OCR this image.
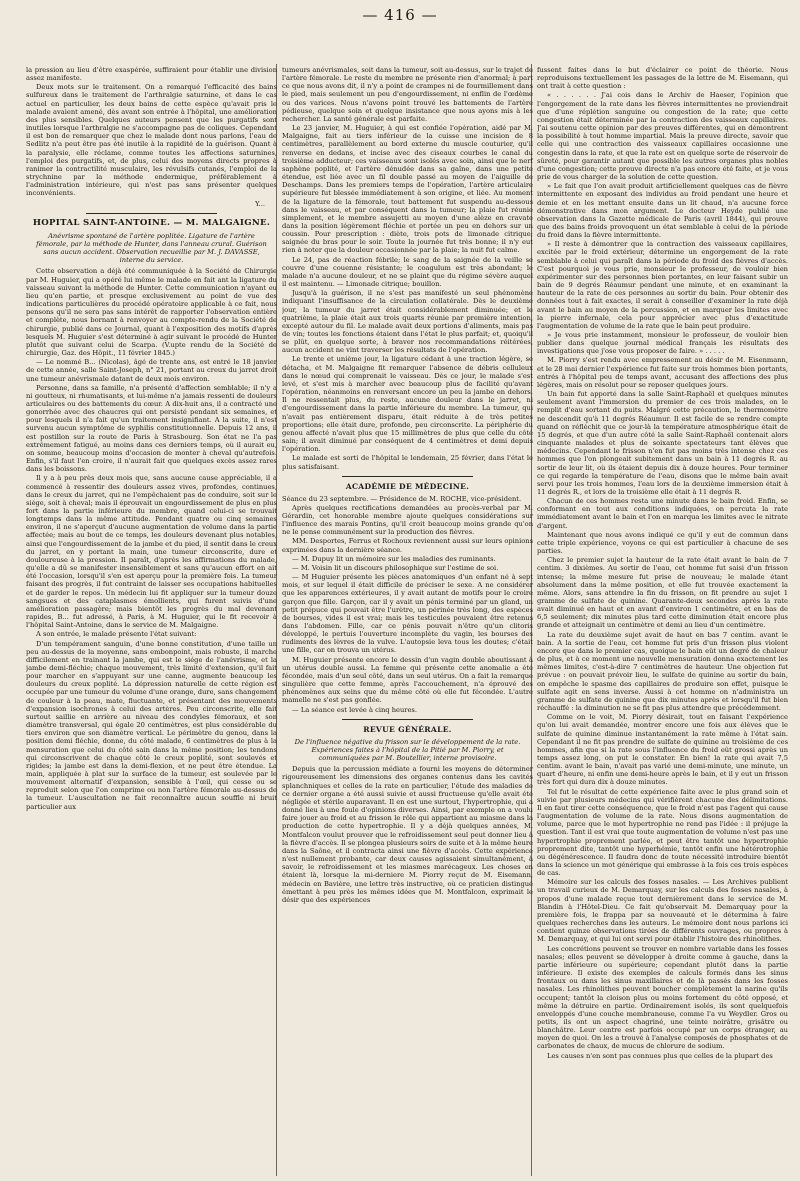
— 416 —

la pression au lieu d'être exaspérée, suffiraient pour établir une division assez manifeste.

Deux mots sur le traitement. On a remarqué l'efficacité des bains sulfureux dans le traitement de l'arthralgie saturnine, et dans le cas actuel en particulier, les deux bains de cette espèce qu'avait pris le malade avaient amené, dès avant son entrée à l'hôpital, une amélioration des plus sensibles. Quelques auteurs pensent que les purgatifs sont inutiles lorsque l'arthralgie ne s'accompagne pas de coliques. Cependant il est bon de remarquer que chez le malade dont nous parlons, l'eau de Sedlitz n'a peut être pas été inutile à la rapidité de la guérison. Quant à la paralysie, elle réclame, comme toutes les affections saturnines, l'emploi des purgatifs, et, de plus, celui des moyens directs propres à ranimer la contractilité musculaire, les révulsifs cutanés, l'emploi de la strychnine par la méthode endermique, préférablement à l'administration intérieure, qui n'est pas sans présenter quelques inconvénients.

Y...
HOPITAL SAINT-ANTOINE. — M. MALGAIGNE.
Anévrisme spontané de l'artère poplitée. Ligature de l'artère fémorale, par la méthode de Hunter, dans l'anneau crural. Guérison sans aucun accident. Observation recueillie par M. J. DAVASSE, interne du service.

Cette observation a déjà été communiquée à la Société de Chirurgie par M. Huguier, qui a opéré lui même le malade en fait ant la ligature du vaisseau suivant la méthode de Hunter. Cette communication n'ayant eu lieu qu'en partie, et presque exclusivement au point de vue des indications particulières du procédé opératoire applicable à ce fait, nous pensons qu'il ne sera pas sans intérêt de rapporter l'observation entière et complète, nous bornant à renvoyer au compte-rendu de la Société de chirurgie, publié dans ce Journal, quant à l'exposition des motifs d'après lesquels M. Huguier s'est déterminé à agir suivant le procédé de Hunter plutôt que suivant celui de Scarpa. (V.upte rendu de la Société de chirurgie, Gaz. des Hôpit., 11 février 1845.)

— Le nommé B... (Nicolas), âgé de trente ans, est entré le 18 janvier de cette année, salle Saint-Joseph, n° 21, portant au creux du jarret droit une tumeur anévrismale datant de deux mois environ.

Personne, dans sa famille, n'a présenté d'affection semblable; il n'y a ni goutteux, ni rhumatisants, et lui-même n'a jamais ressenti de douleurs articulaires ou des battements du cœur. A dix-huit ans, il a contracté une gonorrhée avec des chaucres qui ont persisté pendant six semaines, et pour lesquels il n'a fait qu'un traitement insignifiant. A la suite, il n'est survenu aucun symptôme de syphilis constitutionnelle. Depuis 12 ans, il est postillon sur la route de Paris à Strasbourg. Son état ne l'a pas extrêmement fatigué, au moins dans ces derniers temps, où il aurait eu, on somme, beaucoup moins d'occasion de monter à cheval qu'autrefois. Enfin, s'il faut l'en croire, il n'aurait fait que quelques excès assez rares dans les boissons.

Il y a à peu près deux mois que, sans aucune cause appréciable, il a commencé à ressentir des douleurs assez vives, profondes, continues, dans le creux du jarret, qui ne l'empêchaient pas de conduire, soit sur le siége, soit à cheval; mais il éprouvait un engourdissement de plus en plus fort dans la partie inférieure du membre, quand celui-ci se trouvait longtemps dans la même attitude. Pendant quatre ou cinq semaines environ, il ne s'aperçut d'aucune augmentation de volume dans la partie affectée; mais au bout de ce temps, les douleurs devenant plus notables, ainsi que l'engourdissement de la jambe et du pied, il sentit dans le creux du jarret, en y portant la main, une tumeur circonscrite, dure et douloureuse à la pression. Il paraît, d'après les affirmations du malade, qu'elle a dû se manifester insensiblement et sans qu'aucun effort en ait été l'occasion, lorsqu'il s'en est aperçu pour la première fois. La tumeur faisant des progrès, il fut contraint de laisser ses occupations habituelles et de garder le repos. Un médecin lui fit appliquer sur la tumeur douze sangsues et des cataplasmes émollients, qui furent suivis d'une amélioration passagère; mais bientôt les progrès du mal devenant rapides, B... fut adressé, à Paris, à M. Huguier, qui le fit recevoir à l'hôpital Saint-Antoine, dans le service de M. Malgaigne.

A son entrée, le malade présente l'état suivant:

D'un tempérament sanguin, d'une bonne constitution, d'une taille un peu au-dessus de la moyenne, sans embonpoint, mais robuste, il marche difficilement en trainant la jambe, qui est le siége de l'anévrisme, et la jambe demi-fléchie; chaque mouvement, très limité d'extension, qu'il fait pour marcher en s'appuyant sur une canne, augmente beaucoup les douleurs du creux poplité. La dépression naturelle de cette région est occupée par une tumeur du volume d'une orange, dure, sans changement de couleur à la peau, mate, fluctuante, et présentant des mouvements d'expansion isochrones à celui des artères. Peu circonscrite, elle fait surtout saillie en arrière au niveau des condyles fémoraux, et son diamètre transversal, qui égale 20 centimètres, est plus considérable du tiers environ que son diamètre vertical. Le périmètre du genou, dans la position demi fléchie, donne, du côté malade, 6 centimètres de plus à la mensuration que celui du côté sain dans la même position; les tendons qui circonscrivent de chaque côté le creux poplité, sont soulevés et rigides; la jambe est dans la demi-flexion, et ne peut être étendue. La main, appliquée à plat sur la surface de la tumeur, est soulevée par le mouvement alternatif d'expansion, sensible à l'œil, qui cesse ou se reproduit selon que l'on comprime ou non l'artère fémorale au-dessus de la tumeur. L'auscultation ne fait reconnaître aucun souffle ni bruit particulier aux

tumeurs anévrismales, soit dans la tumeur, soit au-dessus, sur le trajet de l'artère fémorale. Le reste du membre ne présente rien d'anormal; à part ce que nous avons dit, il n'y a point de crampes ni de fourmillement dans le pied, mais seulement un peu d'engourdissement, ni enflin de l'œdème ou des varices. Nous n'avons point trouvé les battements de l'artère pédieuse, quelque soin et quelque insistance que nous ayons mis à les rechercher. La santé générale est parfaite.

Le 23 janvier, M. Huguier, à qui est confiée l'opération, aidé par M. Malgaigne, fait au tiers inférieur de la cuisse une incision de 8 centimètres, parallèlement au bord externe du muscle couturier, qu'il renverse en dedans, et incise avec des ciseaux courbes le canal du troisième adducteur; ces vaisseaux sont isolés avec soin, ainsi que le nerf saphène poplité, et l'artère dénudée dans sa gaîne, dans une petite étendue, est liée avec un fil double passé au moyen de l'aiguille de Deschamps. Dans les premiers temps de l'opération, l'artère articulaire supérieure fut blessée immédiatement à son origine, et liée. Au moment de la ligature de la fémorale, tout battement fut suspendu au-dessous dans le vaisseau, et par conséquent dans la tumeur; la plaie fut réunie simplement, et le membre assujetti au moyen d'une alèze en cravate dans la position légèrement fléchie et portée un peu en dehors sur un coussin. Pour prescription : diète, trois pots de limonade citrique; saignée du bras pour le soir. Toute la journée fut très bonne; il n'y eut rien à noter que la douleur occasionnée par la plaie; la nuit fut calme.

Le 24, pas de réaction fébrile; le sang de la saignée de la veille se couvre d'une couenne résistante; le coagulum est très abondant; le malade n'a aucune douleur, et ne se plaint que du régime sévère auquel il est maintenu. — Limonade citrique; bouillon.

Jusqu'à la guérison, il ne s'est pas manifesté un seul phénomène indiquant l'insuffisance de la circulation collatérale. Dès le deuxième jour, la tumeur du jarret était considérablement diminuée; et le quatrième, la plaie était aux trois quarts réunie par première intention, excepté autour du fil. Le malade avait deux portions d'aliments, mais pas de vin; toutes les fonctions étaient dans l'état le plus parfait; et, quoiqu'il se plût, en quelque sorte, à braver nos recommandations réitérées, aucun accident ne vint traverser les résultats de l'opération.

Le trente et unième jour, la ligature cédant à une traction légère, se détacha, et M. Malgaigne fit remarquer l'absence de débris celluleux dans le nœud qui comprenait le vaisseau. Dès ce jour, le malade s'est levé, et s'est mis à marcher avec beaucoup plus de facilité qu'avant l'opération, néanmoins en renversant encore un peu la jambe en dehors. Il ne ressentait plus, du reste, aucune douleur dans le jarret, ni d'engourdissement dans la partie inférieure du membre. La tumeur, qui n'avait pas entièrement disparu, était réduite à de très petites proportions; elle était dure, profonde, peu circonscrite. La périphérie du genou affecté n'avait plus que 15 millimètres de plus que celle du côté sain; il avait diminué par conséquent de 4 centimètres et demi depuis l'opération.

Le malade est sorti de l'hôpital le lendemain, 25 février, dans l'état le plus satisfaisant.

ACADÉMIE DE MÉDECINE.

Séance du 23 septembre. — Présidence de M. ROCHE, vice-président.

Après quelques rectifications demandées au procès-verbal par M. Gérardin, cet honorable membre ajoute quelques considérations sur l'influence des marais Pontins, qu'il croit beaucoup moins grande qu'on ne le pense communément sur la production des fièvres.

MM. Desportes, Ferrus et Rochoux reviennent aussi sur leurs opinions exprimées dans la dernière séance.

— M. Dupuy lit un mémoire sur les maladies des ruminants.

— M. Voisin lit un discours philosophique sur l'estime de soi.

— M Huguier présente les pièces anatomiques d'un enfant né à sept mois, et sur lequel il était difficile de préciser le sexe. A ne considérer que les apparences extérieures, il y avait autant de motifs pour le croire garçon que fille. Garçon, car il y avait un pénis terminé par un gland, un petit prépuce qui pouvait être l'urètre, un périnée très long, des espèces de bourses, vides il est vrai; mais les testicules pouvaient être retenus dans l'abdomen. Fille, car ce pénis pouvait n'être qu'un clitoris développé, le pertuis l'ouverture incomplète du vagin, les bourses des rudiments des lèvres de la vulve. L'autopsie leva tous les doutes; c'était une fille, car on trouva un utérus.

M. Huguier présente encore le dessin d'un vagin double aboutissant à un utérus double aussi. La femme qui présente cette anomalie a été fécondée, mais d'un seul côté, dans un seul utérus. On a fait la remarque singulière que cette femme, après l'accouchement, n'a éprouvé des phénomènes aux seins que du même côté où elle fut fécondée. L'autre mamelle ne s'est pas gonflée.

— La séance est levée à cinq heures.

REVUE GÉNÉRALE.
De l'influence négative du frisson sur le développement de la rate. Expériences faites à l'hôpital de la Pitié par M. Piorry, et communiquées par M. Boutellier, interne provisoire.

Depuis que la percussion médiate a fourni les moyens de déterminer rigoureusement les dimensions des organes contenus dans les cavités splanchniques et celles de la rate en particulier, l'étude des maladies de ce dernier organe a été aussi suivie et aussi fructueuse qu'elle avait été négligée et stérile auparavant. Il en est une surtout, l'hypertrophie, qui a donné lieu à une foule d'opinions diverses. Ainsi, par exemple on a voulu faire jouer au froid et au frisson le rôle qui appartient au miasme dans la production de cette hypertrophie. Il y a déjà quelques années, M. Montfalcon voulut prouver que le refroidissement seul peut donner lieu à la fièvre d'accès. Il se plongea plusieurs soirs de suite et à la même heure dans la Saône, et il contracta ainsi une fièvre d'accès. Cette expérience n'est nullement probante, car deux causes agissaient simultanément, à savoir, le refroidissement et les miasmes marécageux. Les choses en étaient là, lorsque la mi-derniere M. Piorry reçut de M. Eisemann, médecin en Bavière, une lettre très instructive, où ce praticien distingué émettant à peu près les mêmes idées que M. Montfalcon, exprimait le désir que des expériences

fussent faites dans le but d'éclairer ce point de théorie. Nous reproduisons textuellement les passages de la lettre de M. Eisemann, qui ont trait à cette question :

« . . . . . . J'ai cois dans le Archiv de Haeser, l'opinion que l'engorgement de la rate dans les fièvres intermittentes ne proviendrait que d'une réplétion sanguine ou congestion de la rate; que cette congestion était déterminée par la contraction des vaisseaux capillaires. J'ai soutenu cette opinion par des preuves différentes, qui en démontrent la possibilité à tout homme impartial. Mais la preuve directe, savoir que celle qui une contraction des vaisseaux capillaires occasionne une congestin dans la rate, et que la rate est en quelque sorte de réservoir de sûreté, pour garantir autant que possible les autres organes plus nobles d'une congestion; cette preuve directe n'a pas encore été faite, et je vous prie de vous charger de la solution de cette question.

» Le fait que l'on avait produit artificiellement quelques cas de fièvre intermittente en exposant des individus au froid pendant une heure et demie et en les mettant ensuite dans un lit chaud, n'a aucune force démonstrative dans mon argument. Le docteur Heyde publié une observation dans la Gazette médicale de Paris (avril 1844), qui prouve que des bains froids provoquent un état semblable à celui de la période du froid dans la fièvre intermittente.

» Il reste à démontrer que la contraction des vaisseaux capillaires, excitée par le froid extérieur, détermine un engorgement de la rate semblable à celui qui paraît dans la période du froid des fièvres d'accès. C'est pourquoi je vous prie, monsieur le professeur, de vouloir bien expérimenter sur des personnes bien portantes, en leur faisant subir un bain de 9 degrés Réaumur pendant une minute, et en examinant la hauteur de la rate de ces personnes au sortir du bain. Pour obtenir des données tout à fait exactes, il serait à conseiller d'examiner la rate déjà avant le bain au moyen de la percussion, et en marquer les limites avec la pierre infernale, cela pour apprécier avec plus d'exactitude l'augmentation de volume de la rate que le bain peut produire.

» Je vous prie instamment, monsieur le professeur, de vouloir bien publier dans quelque journal médical français les résultats des investigations que j'ose vous proposer de faire. » . . . . .

M. Piorry s'est rendu avec empressement au désir de M. Eisenmann, et le 28 mai dernier l'expérience fut faite sur trois hommes bien portants, entrés à l'hôpital peu de temps avant, accusant des affections des plus légères, mais on résolut pour se reposer quelques jours.

Un bain fut apporté dans la salle Saint-Raphaël et quelques minutes seulement avant l'immersion du premier de ces trois malades, on le remplit d'eau sortant du puits. Malgré cette précaution, le thermomètre ne descendit qu'à 11 degrés Réaumur. Il est facile de se rendre compte quand on réfléchit que ce jour-là la température atmosphérique était de 15 degrés, et que d'un autre côté la salle Saint-Raphaël contenait alors cinquante malades et plus de soixante spectateurs tant élèves que médecins. Cependant le frisson n'en fut pas moins très intense chez ces hommes que l'on plongeait subitement dans un bain à 11 degrés R. au sortir de leur lit, où ils étaient depuis dix à douze heures. Pour terminer ce qui regarde la température de l'eau, disons que le même bain avait servi pour les trois hommes, l'eau lors de la deuxième immersion était à 11 degrés R., et lors de la troisième elle était à 11 degrés R.

Chacun de ces hommes resta une minute dans le bain froid. Enfin, se conformant en tout aux conditions indiquées, on percuta la rate immédiatement avant le bain et l'on en marqua les limites avec le nitrate d'argent.

Maintenant que nous avons indiqué ce qu'il y eut de commun dans cette triple expérience, voyons ce qui est particulier à chacune de ses parties.

Chez le premier sujet la hauteur de la rate était avant le bain de 7 centim. 3 dixièmes. Au sortir de l'eau, cet homme fut saisi d'un frisson intense; la même mesure fut prise de nouveau; le malade étant absolument dans la même position, et elle fut trouvée exactement la même. Alors, sans attendre la fin du frisson, on fit prendre au sujet 1 gramme de sulfate de quinine. Quarante-deux secondes après la rate avait diminué en haut et en avant d'environ 1 centimètre, et en bas de 6,5 seulement; dix minutes plus tard cette diminution était encore plus grande et atteignait un centimètre et demi au lieu d'un centimètre.

La rate du deuxième sujet avait de haut en bas 7 centim. avant le bain. A la sortie de l'eau, cet homme fut pris d'un frisson plus violent encore que dans le premier cas, quoique le bain eût un degré de chaleur de plus, et à ce moment une nouvelle mensuration donna exactement les mêmes limites, c'est-à-dire 7 centimètres de hauteur. Une objection fut prévue : on pouvait prévoir lieu, le sulfate de quinine au sortir du bain, on empêche le spasme des capillaires de produire son effet, puisque le sulfate agit en sens inverse. Aussi à cet homme on n'administra un gramme de sulfate de quinine que dix minutes après et lorsqu'il fut bien réchauffé : la diminution ne se fit pas plus attendre que précédemment.

Comme on le voit, M. Piorry désirait, tout en faisant l'expérience qu'on lui avait demandée, montrer encore une fois aux élèves que le sulfate de quinine diminue instantanément la rate même à l'état sain. Cependant il ne fit pas prendre de sulfate de quinine au troisième de ces hommes, afin que si la rate sous l'influence du froid eût grossi après un temps assez long, on put le constater. En bien! la rate qui avait 7,5 centim. avant le bain, n'avait pas varié une demi-minute, une minute, un quart d'heure, ni enfin une demi-heure après le bain, et il y eut un frisson très fort qui dura dix à douze minutes.

Tel fut le résultat de cette expérience faite avec le plus grand soin et suivie par plusieurs médecins qui vérifièrent chacune des délimitations. Il en faut tirer cette conséquence, que le froid n'est pas l'agent qui cause l'augmentation de volume de la rate. Nous disons augmentation de volume, parce que le mot hypertrophie ne rend pas l'idée : il préjuge la question. Tant il est vrai que toute augmentation de volume n'est pas une hypertrophie proprement parlée, et peut être tantôt une hypertrophie proprement dite, tantôt une hyperhémie, tantôt enfin une hétérotrophie ou dégénérescence. Il faudra donc de toute nécessité introduire bientôt dans la science un mot générique qui embrasse à la fois ces trois espèces de cas.

Mémoire sur les calculs des fosses nasales. — Les Archives publient un travail curieux de M. Demarquay, sur les calculs des fosses nasales, à propos d'une malade reçue tout dernièrement dans le service de M. Blandin à l'Hôtel-Dieu. Ce fait qu'observait M. Demarquay pour la première fois, le frappa par sa nouveauté et le détermina à faire quelques recherches dans les auteurs. Le mémoire dont nous parlons ici contient quinze observations tirées de différents ouvrages, ou propres à M. Demarquay, et qui lui ont servi pour établir l'histoire des rhinolithes.

Les concrétions peuvent se trouver en nombre variable dans les fosses nasales; elles peuvent se développer à droite comme à gauche, dans la partie inférieure ou supérieure; cependant plutôt dans la partie inférieure. Il existe des exemples de calculs formés dans les sinus frontaux ou dans les sinus maxillaires et de là passés dans les fosses nasales. Les rhinolithes peuvent boucher complètement la narine qu'ils occupent; tantôt la cloison plus ou moins fortement du côté opposé, et même la détruire en partie. Ordinairement isolés, ils sont quelquefois enveloppés d'une couche membraneuse, comme l'a vu Weydler. Gros ou petits, ils ont un aspect chagriné, une teinte noirâtre, grisâtre ou blanchâtre. Leur centre est parfois occupé par un corps étranger, au moyen de quoi. On les a trouvé à l'analyse composés de phosphates et de carbonates de chaux, de mucus de chlorure de sodium.

Les causes n'en sont pas connues plus que celles de la plupart des
